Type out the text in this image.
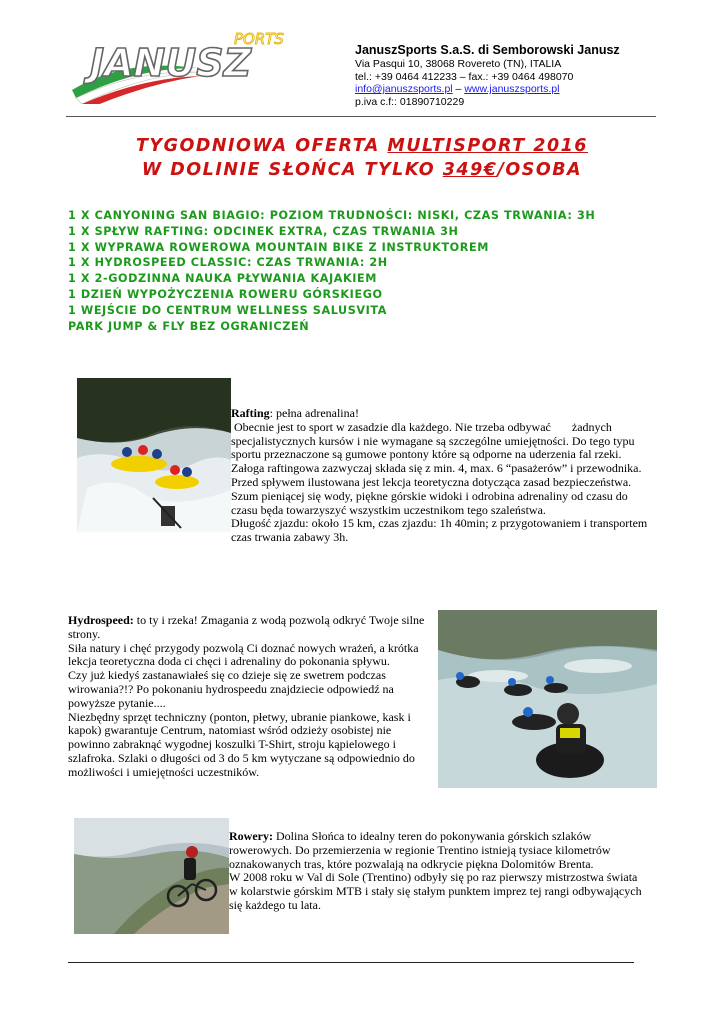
JANUSZ
PORTS
JanuszSports S.a.S. di Semborowski Janusz
Via Pasqui 10, 38068 Rovereto (TN), ITALIA
tel.: +39 0464 412233 – fax.: +39 0464 498070
info@januszsports.pl – www.januszsports.pl
p.iva c.f:: 01890710229
TYGODNIOWA OFERTA MULTISPORT 2016
W DOLINIE SŁOŃCA TYLKO 349€/OSOBA
1 X CANYONING SAN BIAGIO: POZIOM TRUDNOŚCI: NISKI, CZAS TRWANIA: 3H
1 X SPŁYW RAFTING: ODCINEK EXTRA, CZAS TRWANIA 3H
1 X WYPRAWA ROWEROWA MOUNTAIN BIKE Z INSTRUKTOREM
1 X HYDROSPEED CLASSIC: CZAS TRWANIA: 2H
1 X 2-GODZINNA NAUKA PŁYWANIA KAJAKIEM
1 DZIEŃ WYPOŻYCZENIA ROWERU GÓRSKIEGO
1 WEJŚCIE DO CENTRUM WELLNESS SALUSVITA
PARK JUMP & FLY BEZ OGRANICZEŃ
Rafting: pełna adrenalina!
Obecnie jest to sport w zasadzie dla każdego. Nie trzeba odbywać       żadnych
specjalistycznych kursów i nie wymagane są szczególne umiejętności. Do tego typu
sportu przeznaczone są gumowe pontony które są odporne na uderzenia fal rzeki.
Załoga raftingowa zazwyczaj składa się z min. 4, max. 6 “pasażerów” i przewodnika.
Przed spływem ilustowana jest lekcja teoretyczna dotycząca zasad bezpieczeństwa.
Szum pieniącej się wody, piękne górskie widoki i odrobina adrenaliny od czasu do
czasu będa towarzyszyć wszystkim uczestnikom tego szaleństwa.
Długość zjazdu: około 15 km, czas zjazdu: 1h 40min; z przygotowaniem i transportem
czas trwania zabawy 3h.
Hydrospeed: to ty i rzeka! Zmagania z wodą pozwolą odkryć Twoje silne
strony.
Siła natury i chęć przygody pozwolą Ci doznać nowych wrażeń, a krótka
lekcja teoretyczna doda ci chęci i adrenaliny do pokonania spływu.
Czy już kiedyś zastanawiałeś się co dzieje się ze swetrem podczas
wirowania?!? Po pokonaniu hydrospeedu znajdziecie odpowiedź na
powyższe pytanie....
Niezbędny sprzęt techniczny (ponton, płetwy, ubranie piankowe, kask i
kapok) gwarantuje Centrum, natomiast wśród odzieży osobistej nie
powinno zabraknąć wygodnej koszulki T-Shirt, stroju kąpielowego i
szlafroka. Szlaki o długości od 3 do 5 km wytyczane są odpowiednio do
możliwości i umiejętności uczestników.
Rowery: Dolina Słońca to idealny teren do pokonywania górskich szlaków
rowerowych. Do przemierzenia w regionie Trentino istnieją tysiace kilometrów
oznakowanych tras, które pozwalają na odkrycie piękna Dolomitów Brenta.
W 2008 roku w Val di Sole (Trentino) odbyły się po raz pierwszy mistrzostwa świata
w kolarstwie górskim MTB i stały się stałym punktem imprez tej rangi odbywających
się każdego tu lata.
